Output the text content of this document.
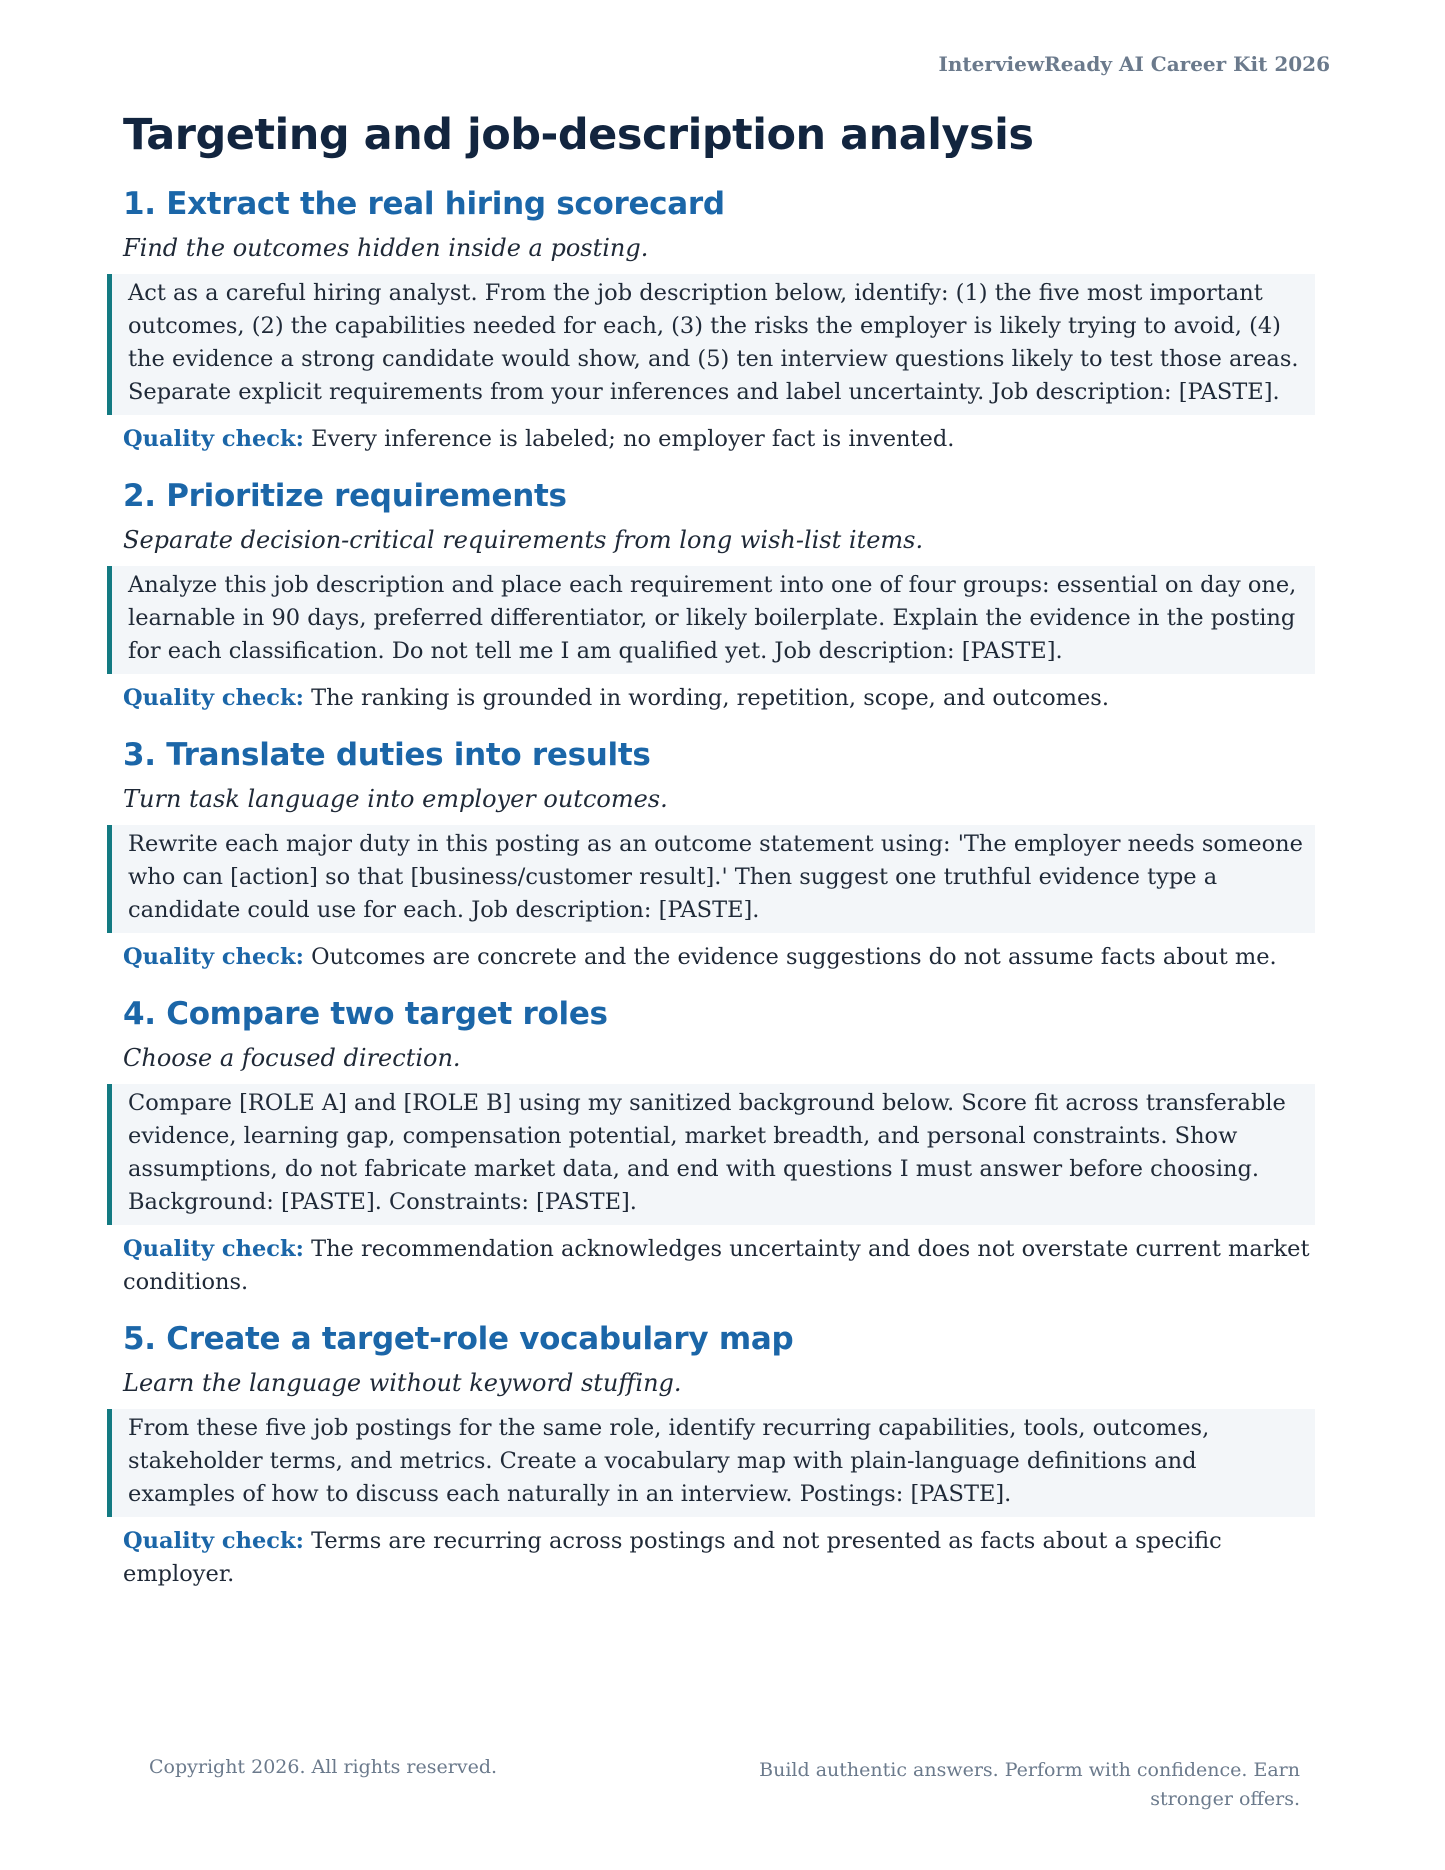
InterviewReady AI Career Kit 2026
Targeting and job-description analysis
1. Extract the real hiring scorecard

Find the outcomes hidden inside a posting.

Act as a careful hiring analyst. From the job description below, identify: (1) the five most important outcomes, (2) the capabilities needed for each, (3) the risks the employer is likely trying to avoid, (4) the evidence a strong candidate would show, and (5) ten interview questions likely to test those areas. Separate explicit requirements from your inferences and label uncertainty. Job description: [PASTE].

Quality check: Every inference is labeled; no employer fact is invented.

2. Prioritize requirements

Separate decision-critical requirements from long wish-list items.

Analyze this job description and place each requirement into one of four groups: essential on day one, learnable in 90 days, preferred differentiator, or likely boilerplate. Explain the evidence in the posting for each classification. Do not tell me I am qualified yet. Job description: [PASTE].

Quality check: The ranking is grounded in wording, repetition, scope, and outcomes.

3. Translate duties into results

Turn task language into employer outcomes.

Rewrite each major duty in this posting as an outcome statement using: 'The employer needs someone who can [action] so that [business/customer result].' Then suggest one truthful evidence type a candidate could use for each. Job description: [PASTE].

Quality check: Outcomes are concrete and the evidence suggestions do not assume facts about me.

4. Compare two target roles

Choose a focused direction.

Compare [ROLE A] and [ROLE B] using my sanitized background below. Score fit across transferable evidence, learning gap, compensation potential, market breadth, and personal constraints. Show assumptions, do not fabricate market data, and end with questions I must answer before choosing. Background: [PASTE]. Constraints: [PASTE].

Quality check: The recommendation acknowledges uncertainty and does not overstate current market conditions.

5. Create a target-role vocabulary map

Learn the language without keyword stuffing.

From these five job postings for the same role, identify recurring capabilities, tools, outcomes, stakeholder terms, and metrics. Create a vocabulary map with plain-language definitions and examples of how to discuss each naturally in an interview. Postings: [PASTE].

Quality check: Terms are recurring across postings and not presented as facts about a specific employer.

Copyright 2026. All rights reserved.	Build authentic answers. Perform with confidence. Earn stronger offers.
